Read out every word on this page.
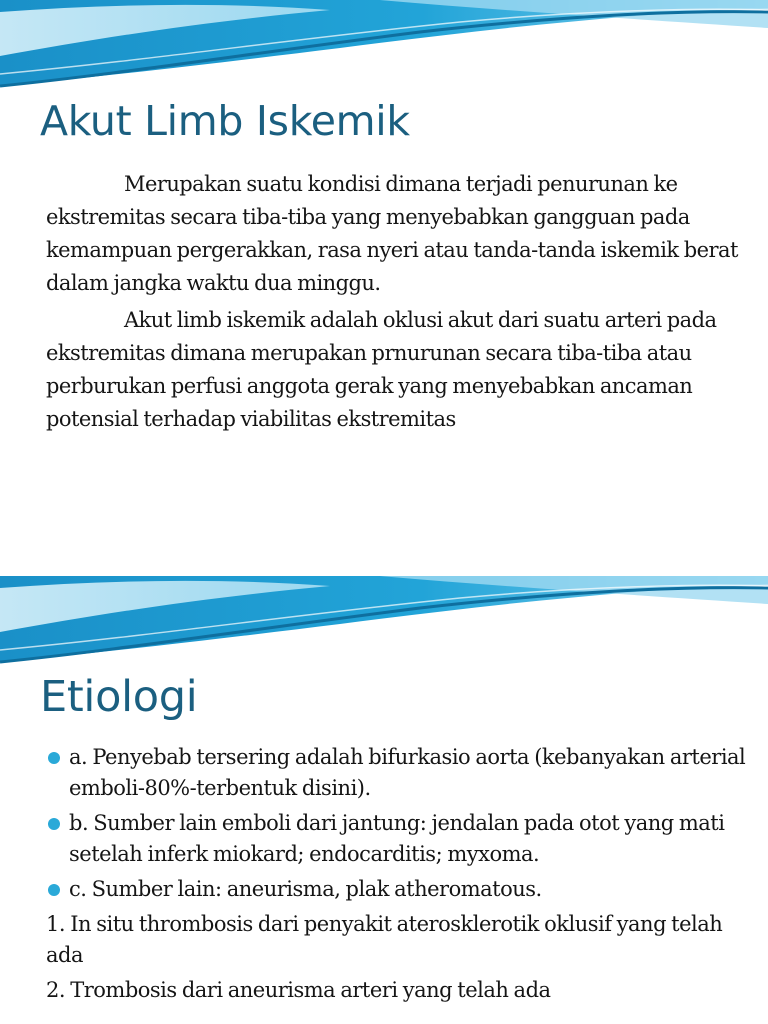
Akut Limb Iskemik

Merupakan suatu kondisi dimana terjadi penurunan ke ekstremitas secara tiba-tiba yang menyebabkan gangguan pada kemampuan pergerakkan, rasa nyeri atau tanda-tanda iskemik berat dalam jangka waktu dua minggu.

Akut limb iskemik adalah oklusi akut dari suatu arteri pada ekstremitas dimana merupakan prnurunan secara tiba-tiba atau perburukan perfusi anggota gerak yang menyebabkan ancaman potensial terhadap viabilitas ekstremitas

Etiologi
a. Penyebab tersering adalah bifurkasio aorta (kebanyakan arterial emboli-80%-terbentuk disini).
b. Sumber lain emboli dari jantung: jendalan pada otot yang mati setelah inferk miokard; endocarditis; myxoma.
c. Sumber lain: aneurisma, plak atheromatous.

1. In situ thrombosis dari penyakit aterosklerotik oklusif yang telah ada

2. Trombosis dari aneurisma arteri yang telah ada
